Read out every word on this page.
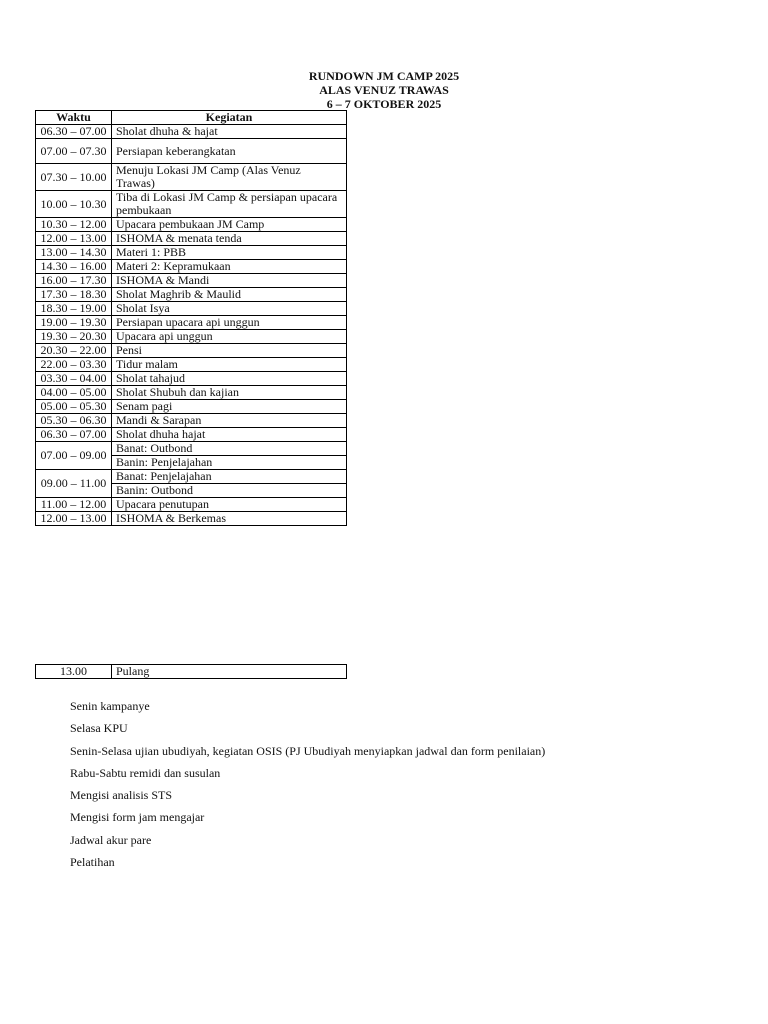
RUNDOWN JM CAMP 2025
ALAS VENUZ TRAWAS
6 – 7 OKTOBER 2025
Waktu	Kegiatan
06.30 – 07.00	Sholat dhuha & hajat
07.00 – 07.30	Persiapan keberangkatan
07.30 – 10.00	Menuju Lokasi JM Camp (Alas Venuz Trawas)
10.00 – 10.30	Tiba di Lokasi JM Camp & persiapan upacara pembukaan
10.30 – 12.00	Upacara pembukaan JM Camp
12.00 – 13.00	ISHOMA & menata tenda
13.00 – 14.30	Materi 1: PBB
14.30 – 16.00	Materi 2: Kepramukaan
16.00 – 17.30	ISHOMA & Mandi
17.30 – 18.30	Sholat Maghrib & Maulid
18.30 – 19.00	Sholat Isya
19.00 – 19.30	Persiapan upacara api unggun
19.30 – 20.30	Upacara api unggun
20.30 – 22.00	Pensi
22.00 – 03.30	Tidur malam
03.30 – 04.00	Sholat tahajud
04.00 – 05.00	Sholat Shubuh dan kajian
05.00 – 05.30	Senam pagi
05.30 – 06.30	Mandi & Sarapan
06.30 – 07.00	Sholat dhuha hajat
07.00 – 09.00	Banat: Outbond
	Banin: Penjelajahan
09.00 – 11.00	Banat: Penjelajahan
	Banin: Outbond
11.00 – 12.00	Upacara penutupan
12.00 – 13.00	ISHOMA & Berkemas
13.00	Pulang

Senin kampanye

Selasa KPU

Senin-Selasa ujian ubudiyah, kegiatan OSIS (PJ Ubudiyah menyiapkan jadwal dan form penilaian)

Rabu-Sabtu remidi dan susulan

Mengisi analisis STS

Mengisi form jam mengajar

Jadwal akur pare

Pelatihan
